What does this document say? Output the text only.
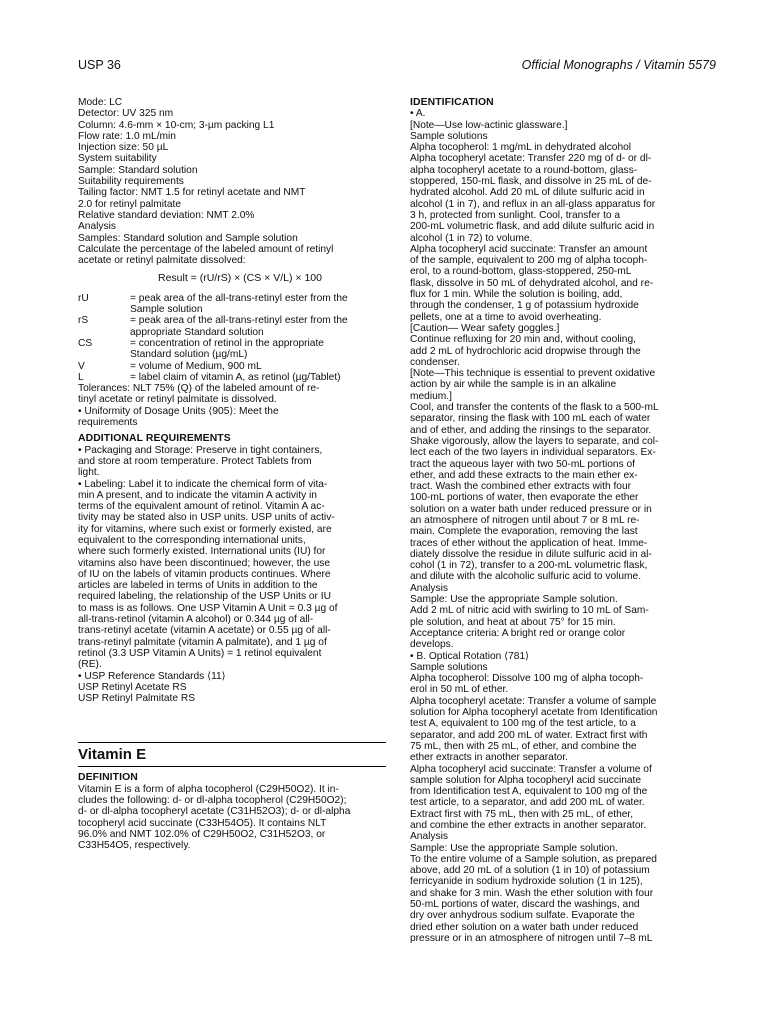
USP 36	Official Monographs / Vitamin 5579
Mode: LC
Detector: UV 325 nm
Column: 4.6-mm × 10-cm; 3-µm packing L1
Flow rate: 1.0 mL/min
Injection size: 50 µL
System suitability
Sample: Standard solution
Suitability requirements
Tailing factor: NMT 1.5 for retinyl acetate and NMT
2.0 for retinyl palmitate
Relative standard deviation: NMT 2.0%
Analysis
Samples: Standard solution and Sample solution
Calculate the percentage of the labeled amount of retinyl
acetate or retinyl palmitate dissolved:
Result = (rU/rS) × (CS × V/L) × 100
rU	= peak area of the all-trans-retinyl ester from the
Sample solution
rS	= peak area of the all-trans-retinyl ester from the
appropriate Standard solution
CS	= concentration of retinol in the appropriate
Standard solution (µg/mL)
V	= volume of Medium, 900 mL
L	= label claim of vitamin A, as retinol (µg/Tablet)
Tolerances: NLT 75% (Q) of the labeled amount of re-
tinyl acetate or retinyl palmitate is dissolved.
• Uniformity of Dosage Units ⟨905⟩: Meet the
requirements
ADDITIONAL REQUIREMENTS
• Packaging and Storage: Preserve in tight containers,
and store at room temperature. Protect Tablets from
light.
• Labeling: Label it to indicate the chemical form of vita-
min A present, and to indicate the vitamin A activity in
terms of the equivalent amount of retinol. Vitamin A ac-
tivity may be stated also in USP units. USP units of activ-
ity for vitamins, where such exist or formerly existed, are
equivalent to the corresponding international units,
where such formerly existed. International units (IU) for
vitamins also have been discontinued; however, the use
of IU on the labels of vitamin products continues. Where
articles are labeled in terms of Units in addition to the
required labeling, the relationship of the USP Units or IU
to mass is as follows. One USP Vitamin A Unit = 0.3 µg of
all-trans-retinol (vitamin A alcohol) or 0.344 µg of all-
trans-retinyl acetate (vitamin A acetate) or 0.55 µg of all-
trans-retinyl palmitate (vitamin A palmitate), and 1 µg of
retinol (3.3 USP Vitamin A Units) = 1 retinol equivalent
(RE).
• USP Reference Standards ⟨11⟩
USP Retinyl Acetate RS
USP Retinyl Palmitate RS
Vitamin E
DEFINITION
Vitamin E is a form of alpha tocopherol (C29H50O2). It in-
cludes the following: d- or dl-alpha tocopherol (C29H50O2);
d- or dl-alpha tocopheryl acetate (C31H52O3); d- or dl-alpha
tocopheryl acid succinate (C33H54O5). It contains NLT
96.0% and NMT 102.0% of C29H50O2, C31H52O3, or
C33H54O5, respectively.
IDENTIFICATION
• A.
[Note—Use low-actinic glassware.]
Sample solutions
Alpha tocopherol: 1 mg/mL in dehydrated alcohol
Alpha tocopheryl acetate: Transfer 220 mg of d- or dl-
alpha tocopheryl acetate to a round-bottom, glass-
stoppered, 150-mL flask, and dissolve in 25 mL of de-
hydrated alcohol. Add 20 mL of dilute sulfuric acid in
alcohol (1 in 7), and reflux in an all-glass apparatus for
3 h, protected from sunlight. Cool, transfer to a
200-mL volumetric flask, and add dilute sulfuric acid in
alcohol (1 in 72) to volume.
Alpha tocopheryl acid succinate: Transfer an amount
of the sample, equivalent to 200 mg of alpha tocoph-
erol, to a round-bottom, glass-stoppered, 250-mL
flask, dissolve in 50 mL of dehydrated alcohol, and re-
flux for 1 min. While the solution is boiling, add,
through the condenser, 1 g of potassium hydroxide
pellets, one at a time to avoid overheating.
[Caution— Wear safety goggles.]
Continue refluxing for 20 min and, without cooling,
add 2 mL of hydrochloric acid dropwise through the
condenser.
[Note—This technique is essential to prevent oxidative
action by air while the sample is in an alkaline
medium.]
Cool, and transfer the contents of the flask to a 500-mL
separator, rinsing the flask with 100 mL each of water
and of ether, and adding the rinsings to the separator.
Shake vigorously, allow the layers to separate, and col-
lect each of the two layers in individual separators. Ex-
tract the aqueous layer with two 50-mL portions of
ether, and add these extracts to the main ether ex-
tract. Wash the combined ether extracts with four
100-mL portions of water, then evaporate the ether
solution on a water bath under reduced pressure or in
an atmosphere of nitrogen until about 7 or 8 mL re-
main. Complete the evaporation, removing the last
traces of ether without the application of heat. Imme-
diately dissolve the residue in dilute sulfuric acid in al-
cohol (1 in 72), transfer to a 200-mL volumetric flask,
and dilute with the alcoholic sulfuric acid to volume.
Analysis
Sample: Use the appropriate Sample solution.
Add 2 mL of nitric acid with swirling to 10 mL of Sam-
ple solution, and heat at about 75° for 15 min.
Acceptance criteria: A bright red or orange color
develops.
• B. Optical Rotation ⟨781⟩
Sample solutions
Alpha tocopherol: Dissolve 100 mg of alpha tocoph-
erol in 50 mL of ether.
Alpha tocopheryl acetate: Transfer a volume of sample
solution for Alpha tocopheryl acetate from Identification
test A, equivalent to 100 mg of the test article, to a
separator, and add 200 mL of water. Extract first with
75 mL, then with 25 mL, of ether, and combine the
ether extracts in another separator.
Alpha tocopheryl acid succinate: Transfer a volume of
sample solution for Alpha tocopheryl acid succinate
from Identification test A, equivalent to 100 mg of the
test article, to a separator, and add 200 mL of water.
Extract first with 75 mL, then with 25 mL, of ether,
and combine the ether extracts in another separator.
Analysis
Sample: Use the appropriate Sample solution.
To the entire volume of a Sample solution, as prepared
above, add 20 mL of a solution (1 in 10) of potassium
ferricyanide in sodium hydroxide solution (1 in 125),
and shake for 3 min. Wash the ether solution with four
50-mL portions of water, discard the washings, and
dry over anhydrous sodium sulfate. Evaporate the
dried ether solution on a water bath under reduced
pressure or in an atmosphere of nitrogen until 7–8 mL
